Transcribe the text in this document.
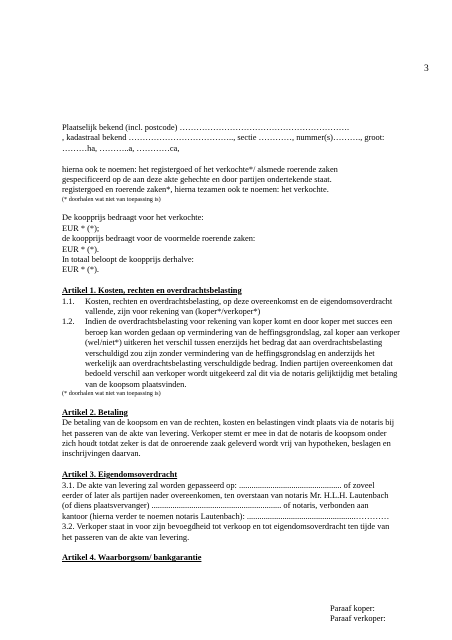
3
Plaatselijk bekend (incl. postcode) …………………………………………………….
, kadastraal bekend ……………………………….., sectie …………, nummer(s)………., groot:
………ha, ………..a, …………ca,
hierna ook te noemen: het registergoed of het verkochte*/ alsmede roerende zaken
gespecificeerd op de aan deze akte gehechte en door partijen ondertekende staat.
registergoed en roerende zaken*, hierna tezamen ook te noemen: het verkochte.
(* doorhalen wat niet van toepassing is)
De koopprijs bedraagt voor het verkochte:
EUR * (*);
de koopprijs bedraagt voor de voormelde roerende zaken:
EUR * (*).
In totaal beloopt de koopprijs derhalve:
EUR * (*).
Artikel 1. Kosten, rechten en overdrachtsbelasting
1.1. Kosten, rechten en overdrachtsbelasting, op deze overeenkomst en de eigendomsoverdracht
vallende, zijn voor rekening van (koper*/verkoper*)
1.2. Indien de overdrachtsbelasting voor rekening van koper komt en door koper met succes een
beroep kan worden gedaan op vermindering van de heffingsgrondslag, zal koper aan verkoper
(wel/niet*) uitkeren het verschil tussen enerzijds het bedrag dat aan overdrachtsbelasting
verschuldigd zou zijn zonder vermindering van de heffingsgrondslag en anderzijds het
werkelijk aan overdrachtsbelasting verschuldigde bedrag. Indien partijen overeenkomen dat
bedoeld verschil aan verkoper wordt uitgekeerd zal dit via de notaris gelijktijdig met betaling
van de koopsom plaatsvinden.
(* doorhalen wat niet van toepassing is)
Artikel 2. Betaling
De betaling van de koopsom en van de rechten, kosten en belastingen vindt plaats via de notaris bij
het passeren van de akte van levering. Verkoper stemt er mee in dat de notaris de koopsom onder
zich houdt totdat zeker is dat de onroerende zaak geleverd wordt vrij van hypotheken, beslagen en
inschrijvingen daarvan.
Artikel 3. Eigendomsoverdracht
3.1. De akte van levering zal worden gepasseerd op: ................................................. of zoveel
eerder of later als partijen nader overeenkomen, ten overstaan van notaris Mr. H.L.H. Lautenbach
(of diens plaatsvervanger) .............................................................. of notaris, verbonden aan
kantoor (hierna verder te noemen notaris Lautenbach): ....................................................…………
3.2. Verkoper staat in voor zijn bevoegdheid tot verkoop en tot eigendomsoverdracht ten tijde van
het passeren van de akte van levering.
Artikel 4. Waarborgsom/ bankgarantie
Paraaf koper:
Paraaf verkoper:
